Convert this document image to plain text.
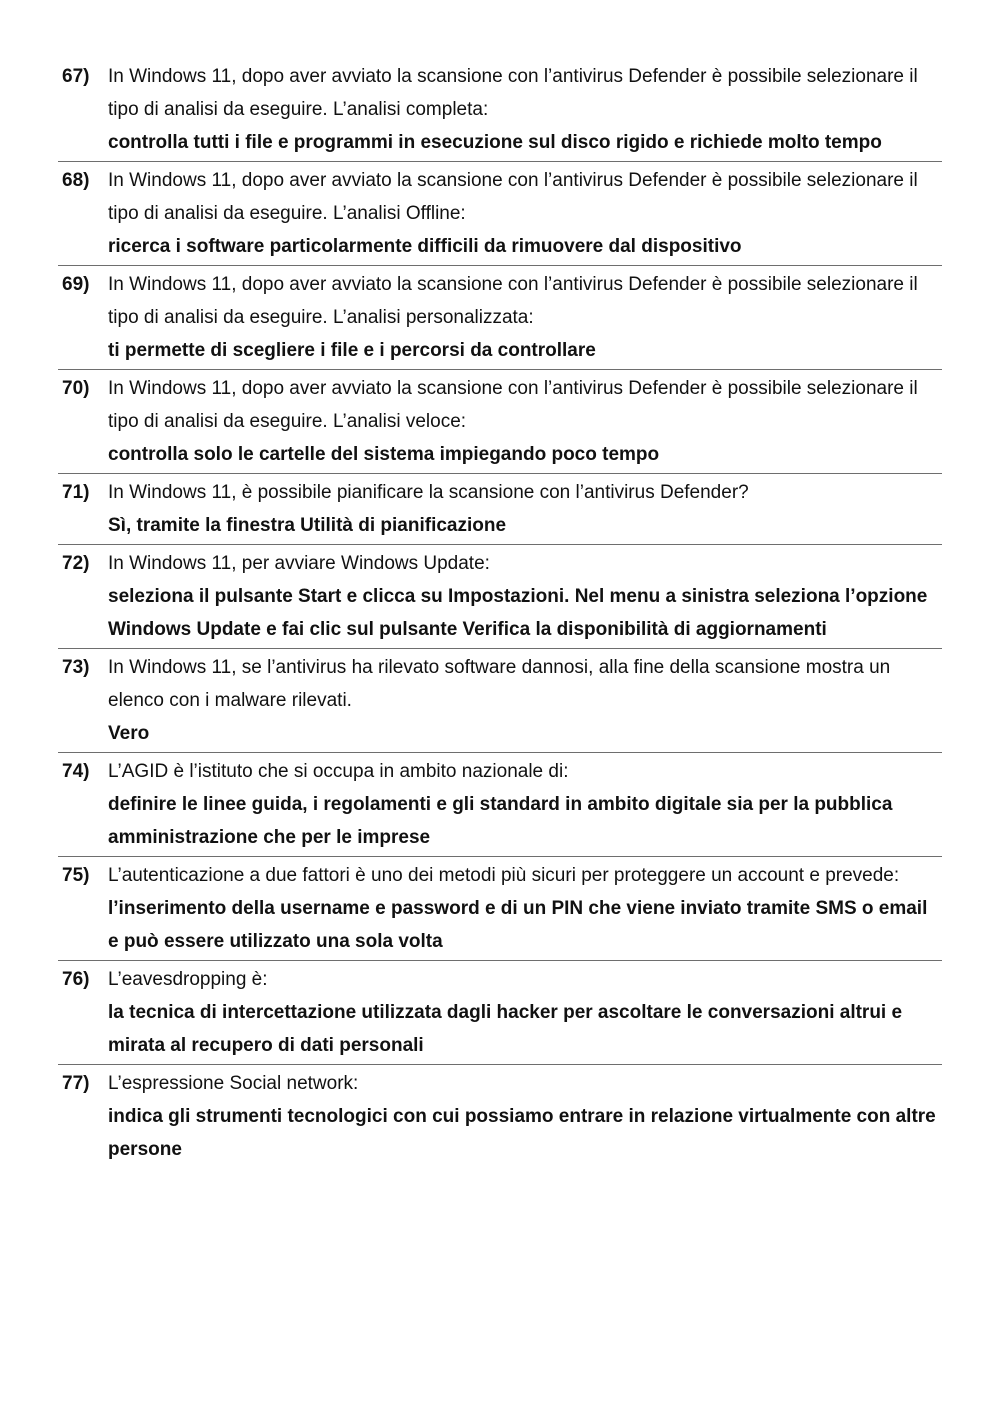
67) In Windows 11, dopo aver avviato la scansione con l’antivirus Defender è possibile selezionare il tipo di analisi da eseguire. L’analisi completa:
controlla tutti i file e programmi in esecuzione sul disco rigido e richiede molto tempo
68) In Windows 11, dopo aver avviato la scansione con l’antivirus Defender è possibile selezionare il tipo di analisi da eseguire. L’analisi Offline:
ricerca i software particolarmente difficili da rimuovere dal dispositivo
69) In Windows 11, dopo aver avviato la scansione con l’antivirus Defender è possibile selezionare il tipo di analisi da eseguire. L’analisi personalizzata:
ti permette di scegliere i file e i percorsi da controllare
70) In Windows 11, dopo aver avviato la scansione con l’antivirus Defender è possibile selezionare il tipo di analisi da eseguire. L’analisi veloce:
controlla solo le cartelle del sistema impiegando poco tempo
71) In Windows 11, è possibile pianificare la scansione con l’antivirus Defender?
Sì, tramite la finestra Utilità di pianificazione
72) In Windows 11, per avviare Windows Update:
seleziona il pulsante Start e clicca su Impostazioni. Nel menu a sinistra seleziona l’opzione Windows Update e fai clic sul pulsante Verifica la disponibilità di aggiornamenti
73) In Windows 11, se l’antivirus ha rilevato software dannosi, alla fine della scansione mostra un elenco con i malware rilevati.
Vero
74) L’AGID è l’istituto che si occupa in ambito nazionale di:
definire le linee guida, i regolamenti e gli standard in ambito digitale sia per la pubblica amministrazione che per le imprese
75) L’autenticazione a due fattori è uno dei metodi più sicuri per proteggere un account e prevede:
l’inserimento della username e password e di un PIN che viene inviato tramite SMS o email e può essere utilizzato una sola volta
76) L’eavesdropping è:
la tecnica di intercettazione utilizzata dagli hacker per ascoltare le conversazioni altrui e mirata al recupero di dati personali
77) L’espressione Social network:
indica gli strumenti tecnologici con cui possiamo entrare in relazione virtualmente con altre persone
